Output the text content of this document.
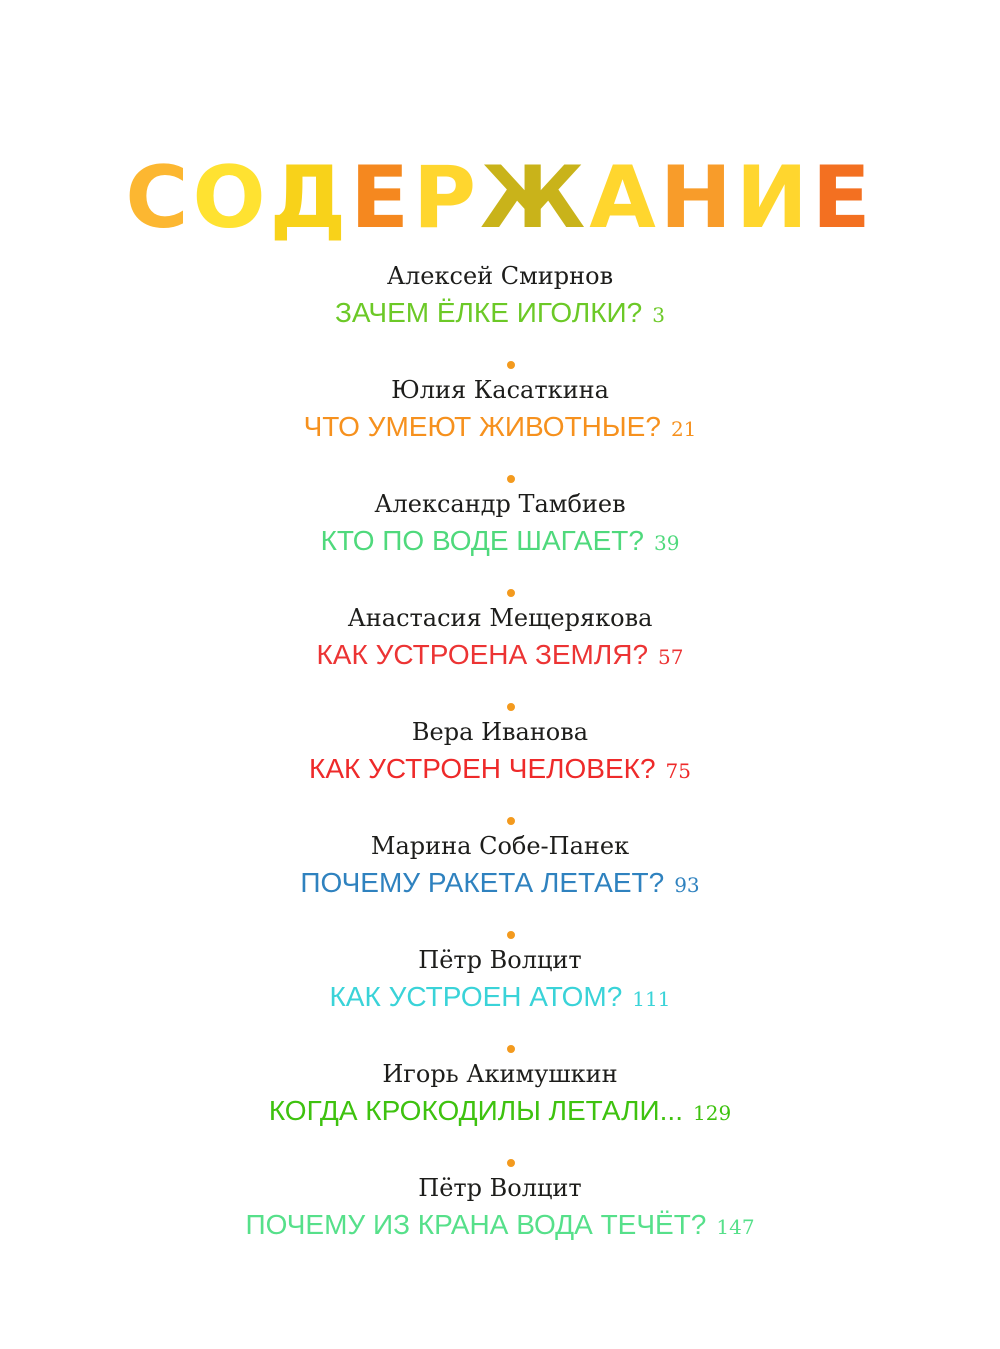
СОДЕРЖАНИЕ
Алексей Смирнов
ЗАЧЕМ ЁЛКЕ ИГОЛКИ? 3
Юлия Касаткина
ЧТО УМЕЮТ ЖИВОТНЫЕ? 21
Александр Тамбиев
КТО ПО ВОДЕ ШАГАЕТ? 39
Анастасия Мещерякова
КАК УСТРОЕНА ЗЕМЛЯ? 57
Вера Иванова
КАК УСТРОЕН ЧЕЛОВЕК? 75
Марина Собе-Панек
ПОЧЕМУ РАКЕТА ЛЕТАЕТ? 93
Пётр Волцит
КАК УСТРОЕН АТОМ? 111
Игорь Акимушкин
КОГДА КРОКОДИЛЫ ЛЕТАЛИ... 129
Пётр Волцит
ПОЧЕМУ ИЗ КРАНА ВОДА ТЕЧЁТ? 147
